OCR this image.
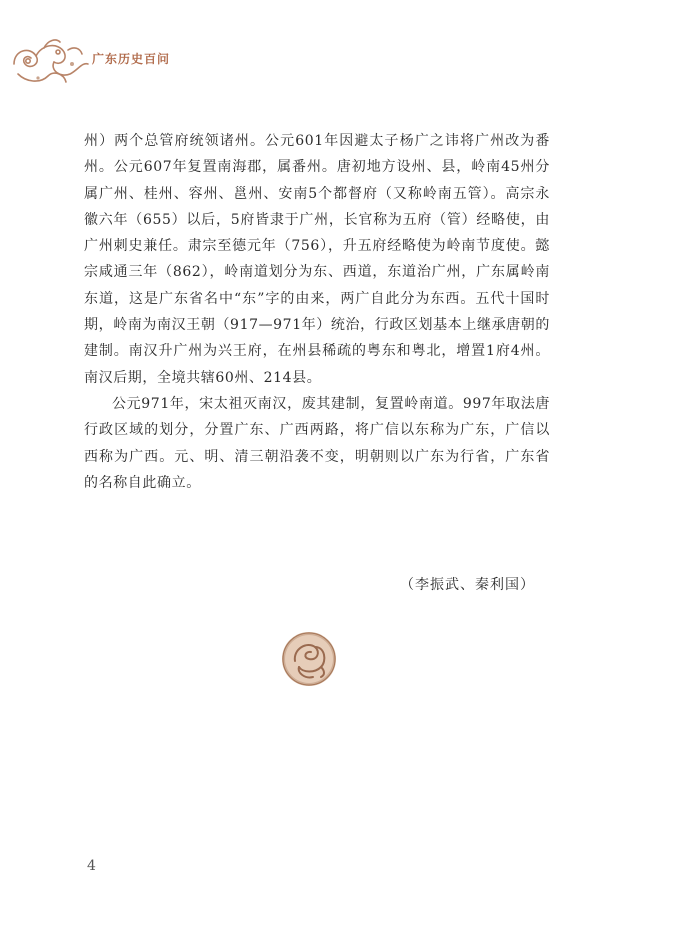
广东历史百问

州）两个总管府统领诸州。公元601年因避太子杨广之讳将广州改为番州。公元607年复置南海郡，属番州。唐初地方设州、县，岭南45州分属广州、桂州、容州、邕州、安南5个都督府（又称岭南五管）。高宗永徽六年（655）以后，5府皆隶于广州，长官称为五府（管）经略使，由广州刺史兼任。肃宗至德元年（756），升五府经略使为岭南节度使。懿宗咸通三年（862），岭南道划分为东、西道，东道治广州，广东属岭南东道，这是广东省名中“东”字的由来，两广自此分为东西。五代十国时期，岭南为南汉王朝（917—971年）统治，行政区划基本上继承唐朝的建制。南汉升广州为兴王府，在州县稀疏的粤东和粤北，增置1府4州。南汉后期，全境共辖60州、214县。

公元971年，宋太祖灭南汉，废其建制，复置岭南道。997年取法唐行政区域的划分，分置广东、广西两路，将广信以东称为广东，广信以西称为广西。元、明、清三朝沿袭不变，明朝则以广东为行省，广东省的名称自此确立。

（李振武、秦利国）
4
